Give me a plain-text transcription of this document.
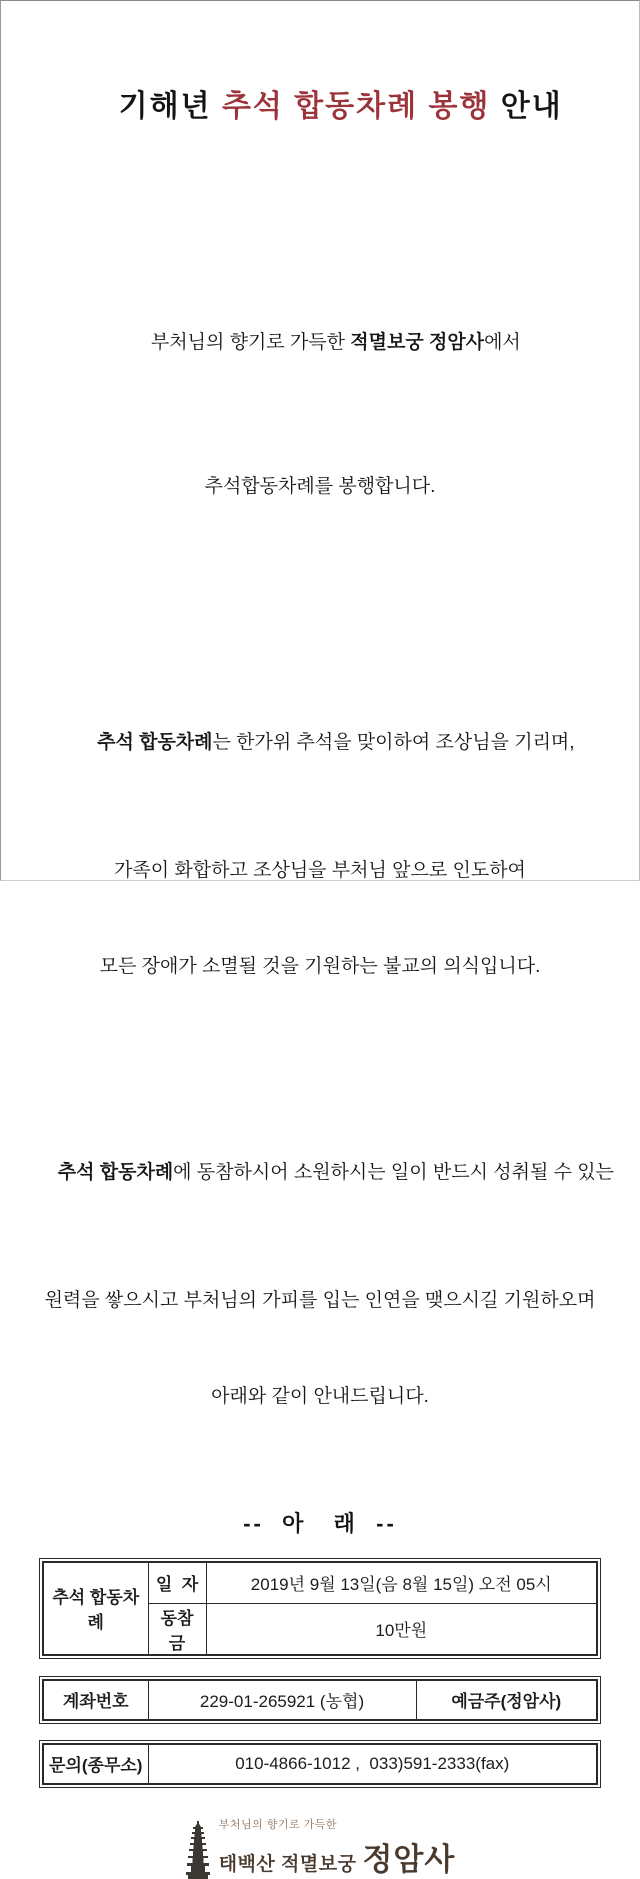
기해년 추석 합동차례 봉행 안내

부처님의 향기로 가득한 적멸보궁 정암사에서

추석합동차례를 봉행합니다.

추석 합동차례는 한가위 추석을 맞이하여 조상님을 기리며,

가족이 화합하고 조상님을 부처님 앞으로 인도하여

모든 장애가 소멸될 것을 기원하는 불교의 의식입니다.

추석 합동차례에 동참하시어 소원하시는 일이 반드시 성취될 수 있는

원력을 쌓으시고 부처님의 가피를 입는 인연을 맺으시길 기원하오며

아래와 같이 안내드립니다.

--  아   래  --
추석 합동차례	일  자	2019년 9월 13일(음 8월 15일) 오전 05시
	동참금	10만원
계좌번호	229-01-265921 (농협)	예금주(정암사)
문의(종무소)	010-4866-1012 ,  033)591-2333(fax)
부처님의 향기로 가득한
태백산 적멸보궁 정암사
